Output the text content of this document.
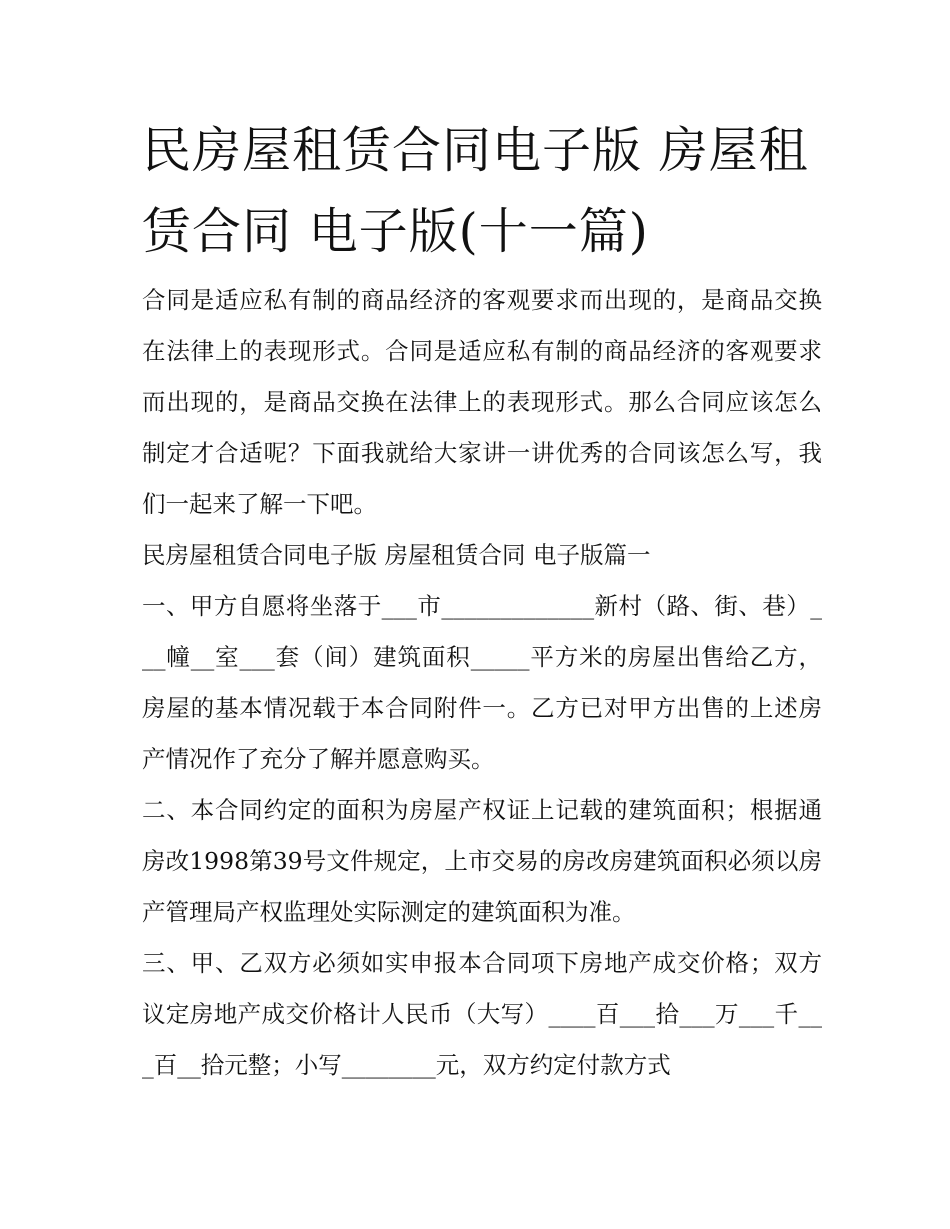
民房屋租赁合同电子版 房屋租赁合同 电子版(十一篇)

合同是适应私有制的商品经济的客观要求而出现的，是商品交换在法律上的表现形式。合同是适应私有制的商品经济的客观要求而出现的，是商品交换在法律上的表现形式。那么合同应该怎么制定才合适呢？下面我就给大家讲一讲优秀的合同该怎么写，我们一起来了解一下吧。

民房屋租赁合同电子版 房屋租赁合同 电子版篇一

一、甲方自愿将坐落于___市_____________新村（路、街、巷）___幢__室___套（间）建筑面积_____平方米的房屋出售给乙方，房屋的基本情况载于本合同附件一。乙方已对甲方出售的上述房产情况作了充分了解并愿意购买。

二、本合同约定的面积为房屋产权证上记载的建筑面积；根据通房改1998第39号文件规定，上市交易的房改房建筑面积必须以房产管理局产权监理处实际测定的建筑面积为准。

三、甲、乙双方必须如实申报本合同项下房地产成交价格；双方议定房地产成交价格计人民币（大写）____百___拾___万___千___百__拾元整；小写________元，双方约定付款方式
